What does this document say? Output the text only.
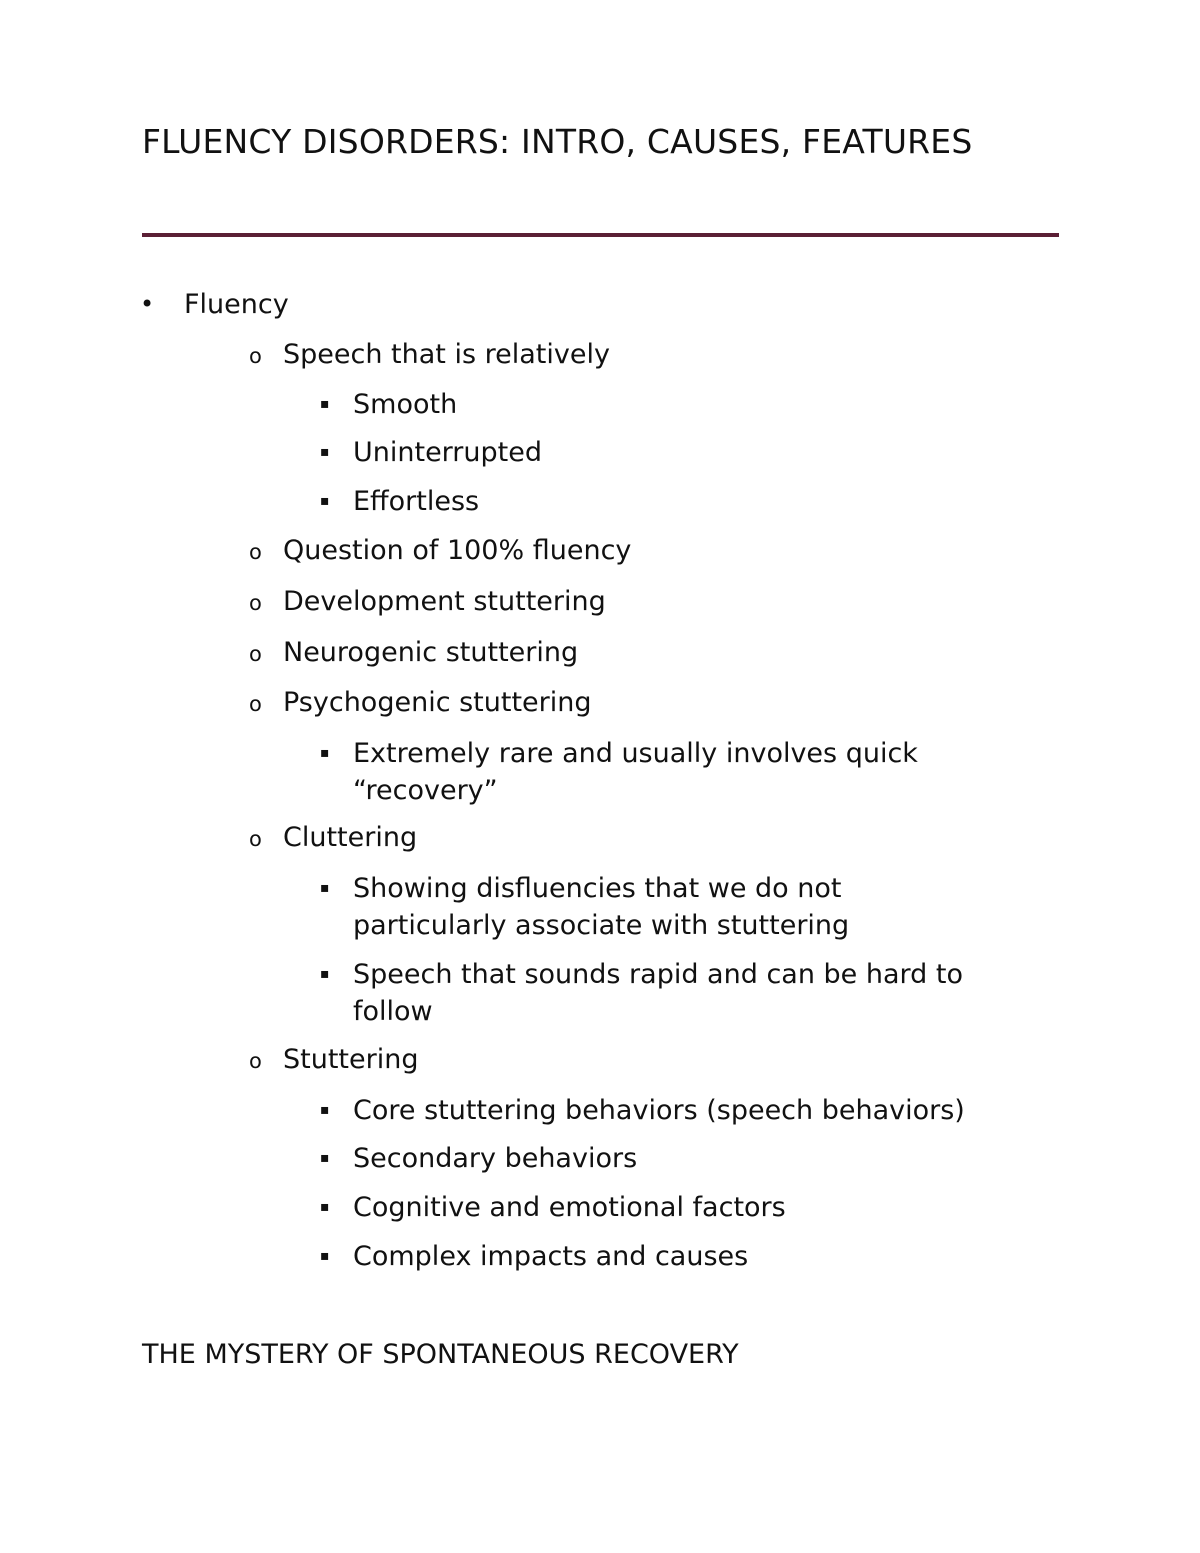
FLUENCY DISORDERS: INTRO, CAUSES, FEATURES
• Fluency
o Speech that is relatively
▪ Smooth
▪ Uninterrupted
▪ Effortless
o Question of 100% fluency
o Development stuttering
o Neurogenic stuttering
o Psychogenic stuttering
▪ Extremely rare and usually involves quick
“recovery”
o Cluttering
▪ Showing disfluencies that we do not
particularly associate with stuttering
▪ Speech that sounds rapid and can be hard to
follow
o Stuttering
▪ Core stuttering behaviors (speech behaviors)
▪ Secondary behaviors
▪ Cognitive and emotional factors
▪ Complex impacts and causes
THE MYSTERY OF SPONTANEOUS RECOVERY
